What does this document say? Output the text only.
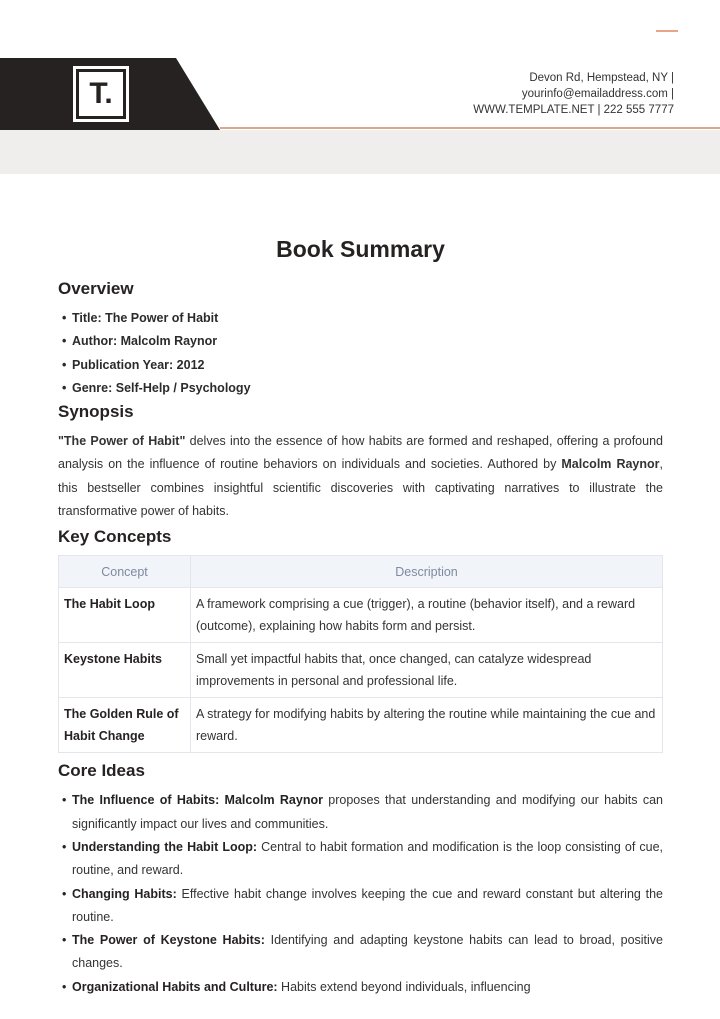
T.	Devon Rd, Hempstead, NY |
yourinfo@emailaddress.com |
WWW.TEMPLATE.NET | 222 555 7777
Book Summary
Overview
• Title: The Power of Habit
• Author: Malcolm Raynor
• Publication Year: 2012
• Genre: Self-Help / Psychology
Synopsis

"The Power of Habit" delves into the essence of how habits are formed and reshaped, offering a profound analysis on the influence of routine behaviors on individuals and societies. Authored by Malcolm Raynor, this bestseller combines insightful scientific discoveries with captivating narratives to illustrate the transformative power of habits.

Key Concepts
Concept	Description
The Habit Loop	A framework comprising a cue (trigger), a routine (behavior itself), and a reward (outcome), explaining how habits form and persist.
Keystone Habits	Small yet impactful habits that, once changed, can catalyze widespread improvements in personal and professional life.
The Golden Rule of Habit Change	A strategy for modifying habits by altering the routine while maintaining the cue and reward.
Core Ideas
• The Influence of Habits: Malcolm Raynor proposes that understanding and modifying our habits can significantly impact our lives and communities.
• Understanding the Habit Loop: Central to habit formation and modification is the loop consisting of cue, routine, and reward.
• Changing Habits: Effective habit change involves keeping the cue and reward constant but altering the routine.
• The Power of Keystone Habits: Identifying and adapting keystone habits can lead to broad, positive changes.
• Organizational Habits and Culture: Habits extend beyond individuals, influencing
